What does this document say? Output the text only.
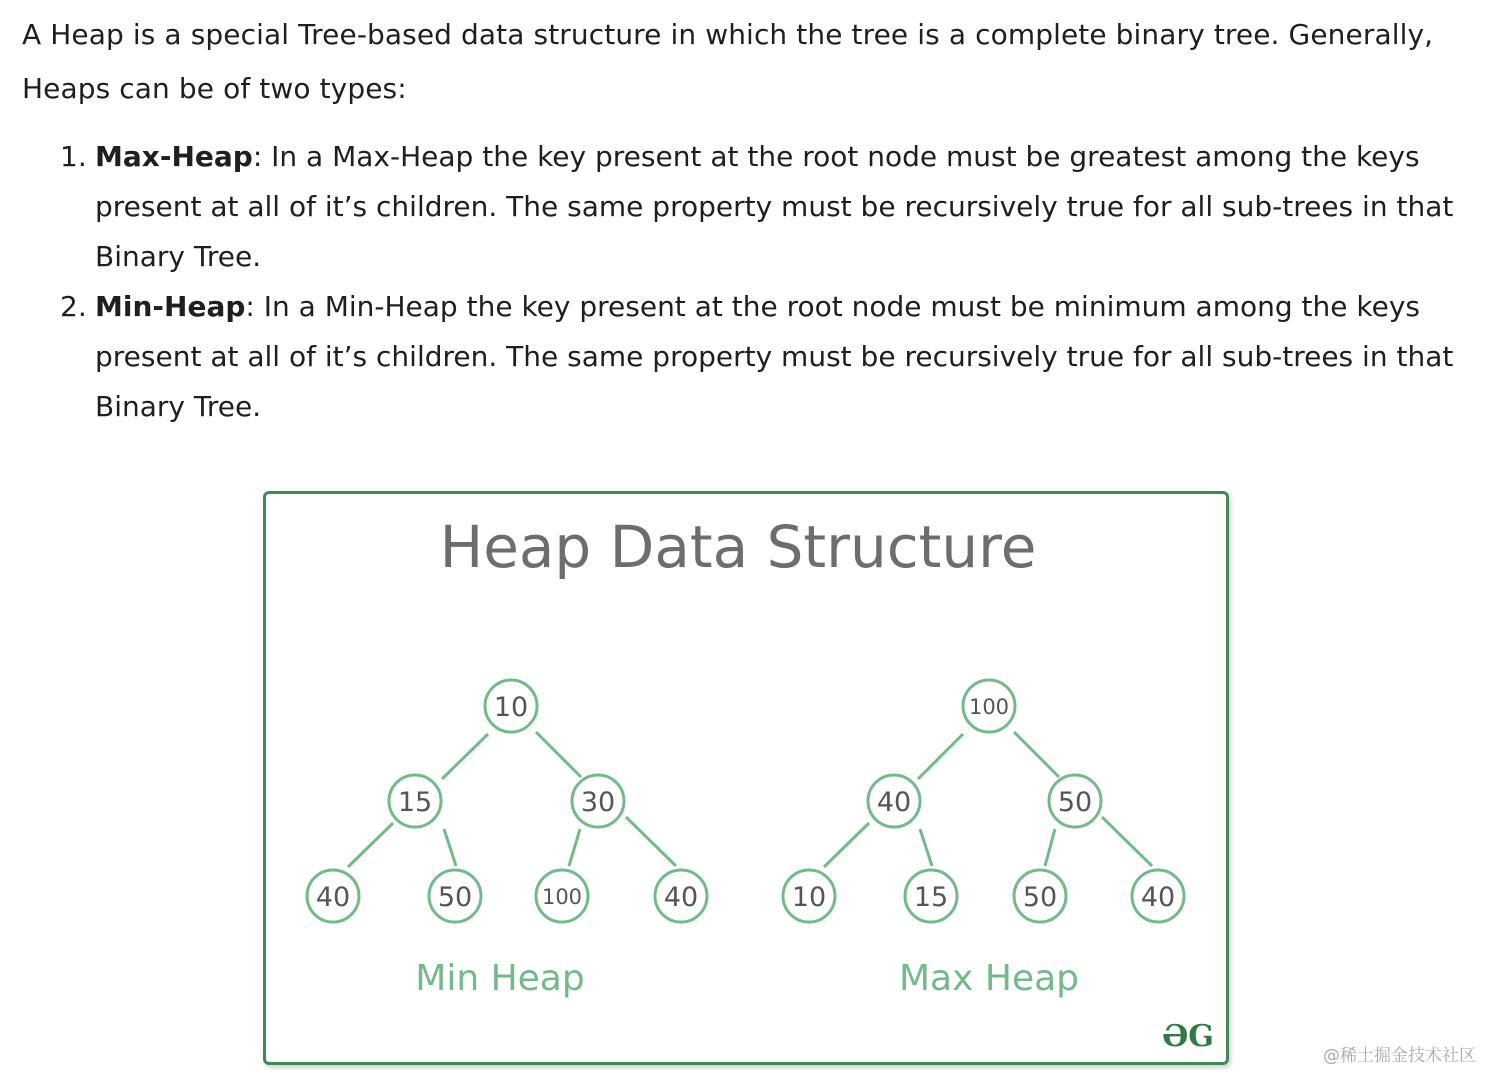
A Heap is a special Tree-based data structure in which the tree is a complete binary tree. Generally, Heaps can be of two types:

1. Max-Heap: In a Max-Heap the key present at the root node must be greatest among the keys present at all of it’s children. The same property must be recursively true for all sub-trees in that Binary Tree.
2. Min-Heap: In a Min-Heap the key present at the root node must be minimum among the keys present at all of it’s children. The same property must be recursively true for all sub-trees in that Binary Tree.
Heap Data Structure
10
15	30
40	50	100	40
100
40	50
10	15	50	40
Min Heap	Max Heap
ƏG
@稀土掘金技术社区
